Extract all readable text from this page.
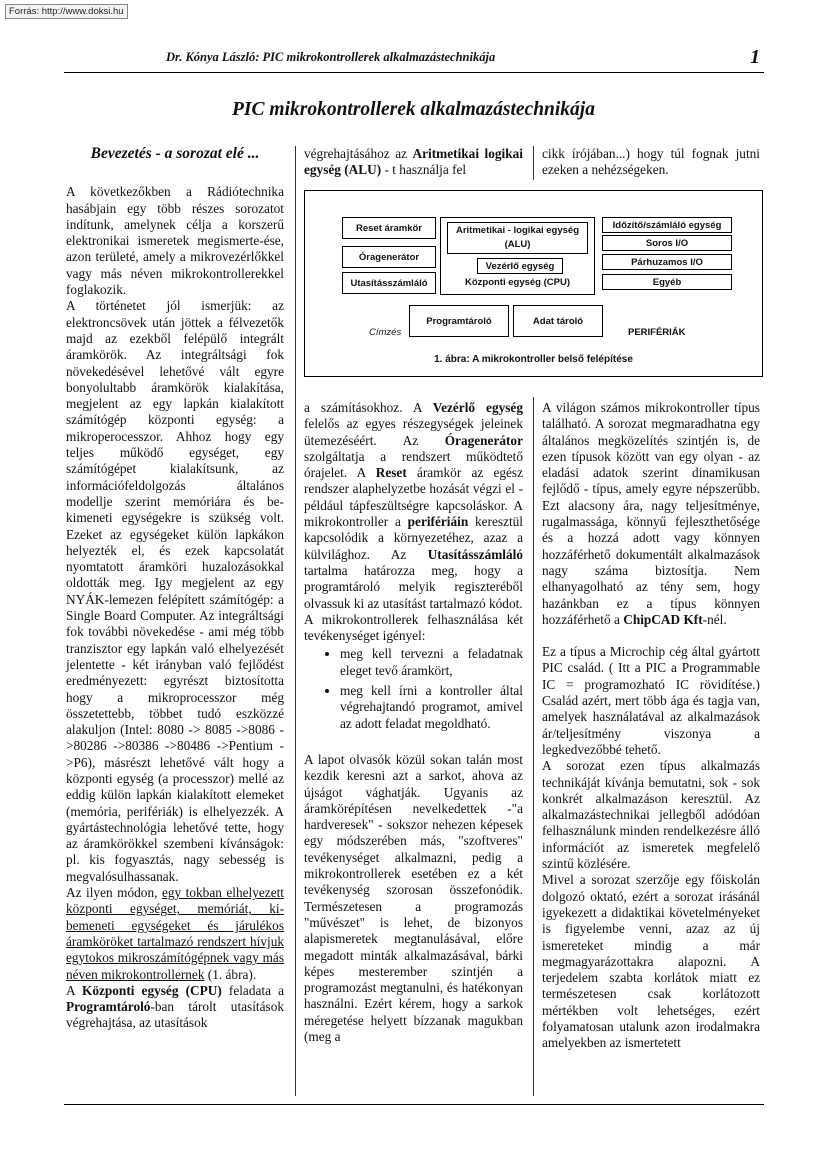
Forrás: http://www.doksi.hu
Dr. Kónya László: PIC mikrokontrollerek alkalmazástechnikája	1
PIC mikrokontrollerek alkalmazástechnikája

Bevezetés - a sorozat elé ...

A következőkben a Rádiótechnika hasábjain egy több részes sorozatot indítunk, amelynek célja a korszerű elektronikai ismeretek megismerte-ése, azon területé, amely a mikrovezérlőkkel vagy más néven mikrokontrollerekkel foglakozik.

A történetet jól ismerjük: az elektroncsövek után jöttek a félvezetők majd az ezekből felépülő integrált áramkörök. Az integráltsági fok növekedésével lehetővé vált egyre bonyolultabb áramkörök kialakítása, megjelent az egy lapkán kialakított számítógép központi egység: a mikroperocesszor. Ahhoz hogy egy teljes működő egységet, egy számítógépet kialakítsunk, az információfeldolgozás általános modellje szerint memóriára és be-kimeneti egységekre is szükség volt. Ezeket az egységeket külön lapkákon helyezték el, és ezek kapcsolatát nyomtatott áramköri huzalozásokkal oldották meg. Igy megjelent az egy NYÁK-lemezen felépített számítógép: a Single Board Computer. Az integráltsági fok további növekedése - ami még több tranzisztor egy lapkán való elhelyezését jelentette - két irányban való fejlődést eredményezett: egyrészt biztosította hogy a mikroprocesszor még összetettebb, többet tudó eszközzé alakuljon (Intel: 8080 -> 8085 ->8086 ->80286 ->80386 ->80486 ->Pentium ->P6), másrészt lehetővé vált hogy a központi egység (a processzor) mellé az eddig külön lapkán kialakított elemeket (memória, perifériák) is elhelyezzék. A gyártástechnológia lehetővé tette, hogy az áramkörökkel szembeni kívánságok: pl. kis fogyasztás, nagy sebesség is megvalósulhassanak.

Az ilyen módon, egy tokban elhelyezett központi egységet, memóriát, ki-bemeneti egységeket és járulékos áramköröket tartalmazó rendszert hívjuk egytokos mikroszámítógépnek vagy más néven mikrokontrollernek (1. ábra).

A Központi egység (CPU) feladata a Programtároló-ban tárolt utasítások végrehajtása, az utasítások

végrehajtásához az Aritmetikai logikai egység (ALU) - t használja fel

cikk írójában...) hogy túl fognak jutni ezeken a nehézségeken.

Reset áramkör
Óragenerátor
Utasításszámláló
Aritmetikai - logikai egység (ALU)
Vezérlő egység
Központi egység (CPU)
Időzítő/számláló egység
Soros I/O
Párhuzamos I/O
Egyéb
Programtároló	Adat tároló
Címzés	PERIFÉRIÁK
1. ábra: A mikrokontroller belső felépítése

a számításokhoz. A Vezérlő egység felelős az egyes részegységek jeleinek ütemezéséért. Az Óragenerátor szolgáltatja a rendszert működtető órajelet. A Reset áramkör az egész rendszer alaphelyzetbe hozását végzi el - például tápfeszültségre kapcsoláskor. A mikrokontroller a perifériáin keresztül kapcsolódik a környezetéhez, azaz a külvilághoz. Az Utasításszámláló tartalma határozza meg, hogy a programtároló melyik regiszteréből olvassuk ki az utasítást tartalmazó kódot.

A mikrokontrollerek felhasználása két tevékenységet igényel:

• meg kell tervezni a feladatnak eleget tevő áramkört,
• meg kell írni a kontroller által végrehajtandó programot, amivel az adott feladat megoldható.

A lapot olvasók közül sokan talán most kezdik keresni azt a sarkot, ahova az újságot vághatják. Ugyanis az áramkörépítésen nevelkedettek -"a hardveresek" - sokszor nehezen képesek egy módszerében más, "szoftveres" tevékenységet alkalmazni, pedig a mikrokontrollerek esetében ez a két tevékenység szorosan összefonódik. Természetesen a programozás "művészet" is lehet, de bizonyos alapismeretek megtanulásával, előre megadott minták alkalmazásával, bárki képes mesterember szintjén a programozást megtanulni, és hatékonyan használni. Ezért kérem, hogy a sarkok méregetése helyett bízzanak magukban (meg a

A világon számos mikrokontroller típus található. A sorozat megmaradhatna egy általános megközelítés szintjén is, de ezen típusok között van egy olyan - az eladási adatok szerint dinamikusan fejlődő - típus, amely egyre népszerűbb. Ezt alacsony ára, nagy teljesítménye, rugalmassága, könnyű fejleszthetősége és a hozzá adott vagy könnyen hozzáférhető dokumentált alkalmazások nagy száma biztosítja. Nem elhanyagolható az tény sem, hogy hazánkban ez a típus könnyen hozzáférhető a ChipCAD Kft-nél.

Ez a típus a Microchip cég által gyártott PIC család. ( Itt a PIC a Programmable IC = programozható IC rövidítése.) Család azért, mert több ága és tagja van, amelyek használatával az alkalmazások ár/teljesítmény viszonya a legkedvezőbbé tehető.

A sorozat ezen típus alkalmazás technikáját kívánja bemutatni, sok - sok konkrét alkalmazáson keresztül. Az alkalmazástechnikai jellegből adódóan felhasználunk minden rendelkezésre álló információt az ismeretek megfelelő szintű közlésére.

Mivel a sorozat szerzője egy főiskolán dolgozó oktató, ezért a sorozat irásánál igyekezett a didaktikai követelményeket is figyelembe venni, azaz az új ismereteket mindig a már megmagyarázottakra alapozni. A terjedelem szabta korlátok miatt ez természetesen csak korlátozott mértékben volt lehetséges, ezért folyamatosan utalunk azon irodalmakra amelyekben az ismertetett
